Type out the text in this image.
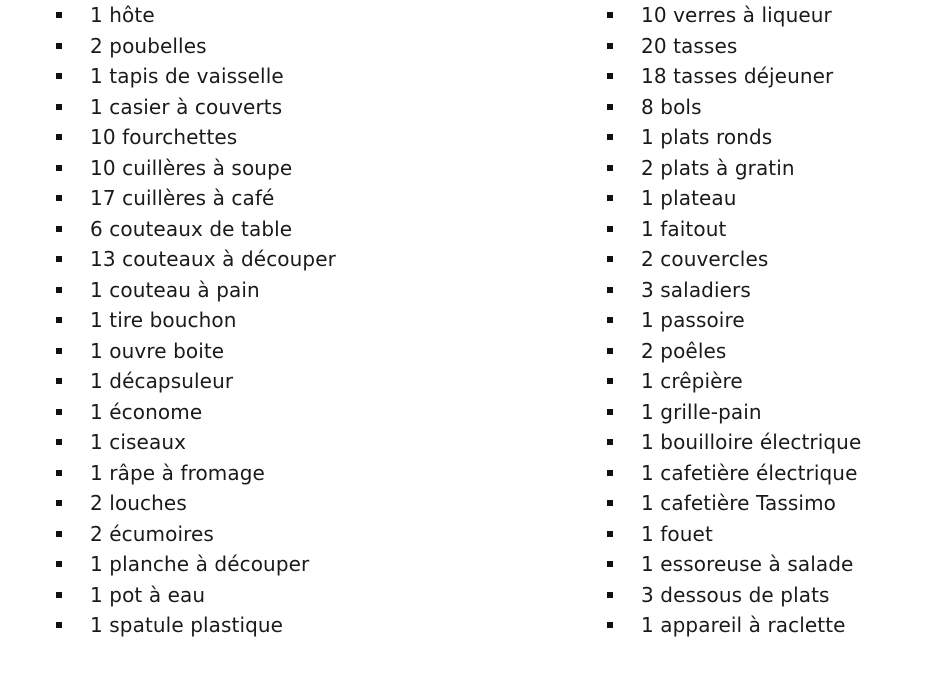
1 hôte
2 poubelles
1 tapis de vaisselle
1 casier à couverts
10 fourchettes
10 cuillères à soupe
17 cuillères à café
6 couteaux de table
13 couteaux à découper
1 couteau à pain
1 tire bouchon
1 ouvre boite
1 décapsuleur
1 économe
1 ciseaux
1 râpe à fromage
2 louches
2 écumoires
1 planche à découper
1 pot à eau
1 spatule plastique
10 verres à liqueur
20 tasses
18 tasses déjeuner
8 bols
1 plats ronds
2 plats à gratin
1 plateau
1 faitout
2 couvercles
3 saladiers
1 passoire
2 poêles
1 crêpière
1 grille-pain
1 bouilloire électrique
1 cafetière électrique
1 cafetière Tassimo
1 fouet
1 essoreuse à salade
3 dessous de plats
1 appareil à raclette
